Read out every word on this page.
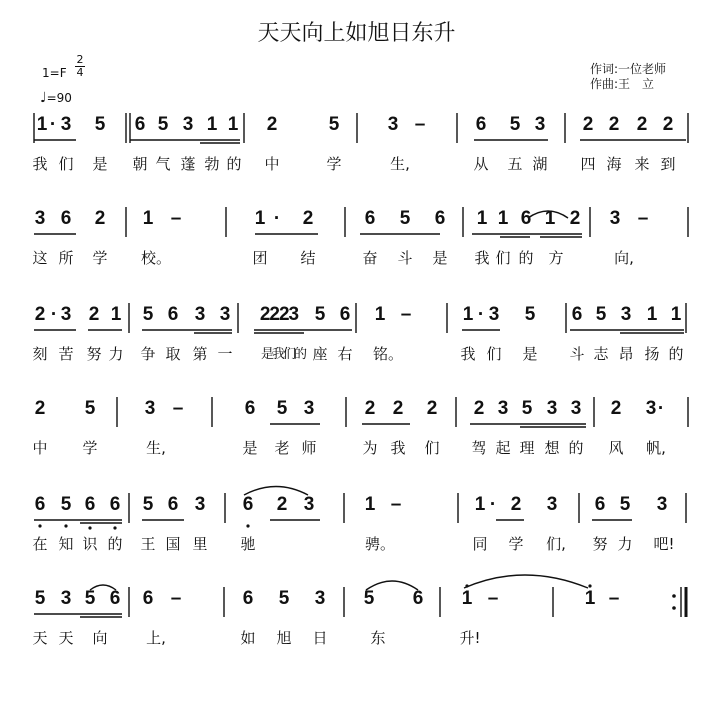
天天向上如旭日东升
1=F
2
4
♩=90
作词:一位老师
作曲:王　立
1 · 3 5 6 5 3 1 1 2	5	3 –	6 5 3 2 2 2 2
我 们 是 朝 气 蓬 勃 的 中	学	生,	从 五 湖 四 海 来 到
3 6 2 1 –	1 · 2	6 5 6 1 1 6 1 2 3 –
这 所 学 校。	团 结	奋 斗 是 我 们 的 方	向,
2 · 3 2 1 5 6 3 3 2223 5 6 1 –	1 · 3 5 6 5 3 1 1
刻 苦 努 力 争 取 第 一 是我们的 座 右 铭。	我 们 是 斗 志 昂 扬 的
2 5	3 –	6 5 3	2 2 2 2 3 5 3 3 2 3 ·
中 学	生,	是 老 师	为 我 们 驾 起 理 想 的 风 帆,
6 5 6 6 5 6 3 6 2 3	1 –	1 · 2 3 6 5 3
在 知 识 的 王 国 里 驰	骋。	同 学 们, 努 力 吧!
5 3 5 6 6 –	6 5 3 5 6 1 –	1 –
天 天 向	上,	如 旭 日	东	升!
